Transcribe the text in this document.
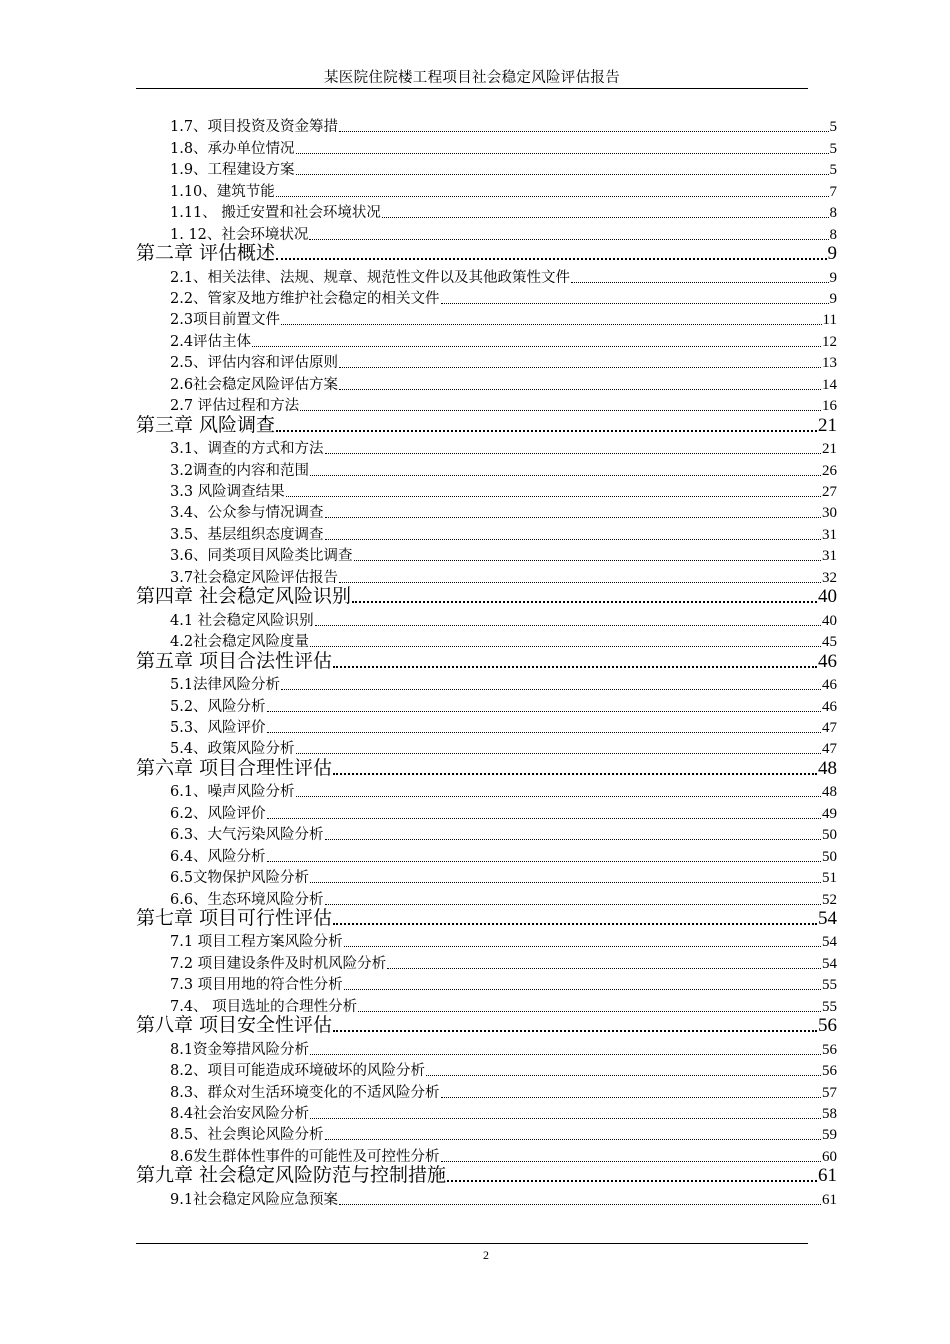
某医院住院楼工程项目社会稳定风险评估报告
1.7、项目投资及资金筹措	5
1.8、承办单位情况	5
1.9、工程建设方案	5
1.10、建筑节能	7
1.11、 搬迁安置和社会环境状况	8
1. 12、社会环境状况	8
第二章 评估概述	9
2.1、相关法律、法规、规章、规范性文件以及其他政策性文件	9
2.2、管家及地方维护社会稳定的相关文件	9
2.3项目前置文件	11
2.4评估主体	12
2.5、评估内容和评估原则	13
2.6社会稳定风险评估方案	14
2.7 评估过程和方法	16
第三章 风险调查	21
3.1、调查的方式和方法	21
3.2调查的内容和范围	26
3.3 风险调查结果	27
3.4、公众参与情况调查	30
3.5、基层组织态度调查	31
3.6、同类项目风险类比调查	31
3.7社会稳定风险评估报告	32
第四章 社会稳定风险识别	40
4.1 社会稳定风险识别	40
4.2社会稳定风险度量	45
第五章 项目合法性评估	46
5.1法律风险分析	46
5.2、风险分析	46
5.3、风险评价	47
5.4、政策风险分析	47
第六章 项目合理性评估	48
6.1、噪声风险分析	48
6.2、风险评价	49
6.3、大气污染风险分析	50
6.4、风险分析	50
6.5文物保护风险分析	51
6.6、生态环境风险分析	52
第七章 项目可行性评估	54
7.1 项目工程方案风险分析	54
7.2 项目建设条件及时机风险分析	54
7.3 项目用地的符合性分析	55
7.4、 项目选址的合理性分析	55
第八章 项目安全性评估	56
8.1资金筹措风险分析	56
8.2、项目可能造成环境破坏的风险分析	56
8.3、群众对生活环境变化的不适风险分析	57
8.4社会治安风险分析	58
8.5、社会舆论风险分析	59
8.6发生群体性事件的可能性及可控性分析	60
第九章 社会稳定风险防范与控制措施	61
9.1社会稳定风险应急预案	61
2
